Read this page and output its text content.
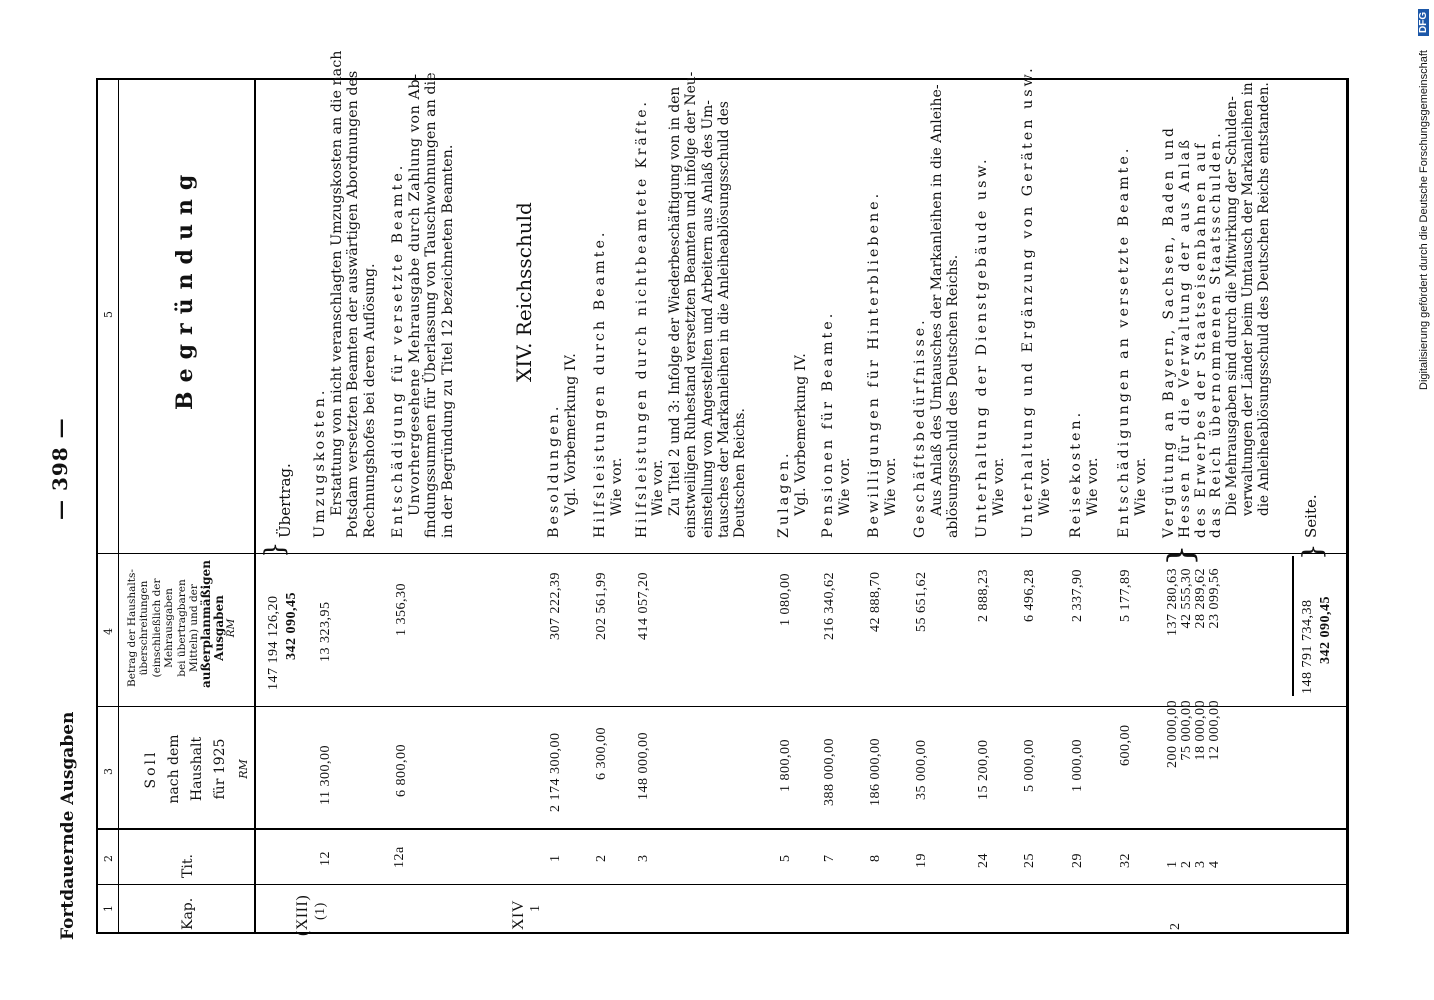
Fortdauernde Ausgaben
— 398 —
Digitalisierung gefördert durch die Deutsche Forschungsgemeinschaft
DFG
1
2
3
4
5
Kap.
Tit.
Soll nach dem Haushalt für 1925 RM
Betrag der Haushalts- überschreitungen (einschließlich der Mehrausgaben bei übertragbaren Mitteln) und der außerplanmäßigen
Ausgaben RM
Begründung
Übertrag.
147 194 126,20 342 090,45
}
(XIII) (1)
12
11 300,00
13 323,95
Umzugskosten. Erstattung von nicht veranschlagten Umzugskosten an die nach Potsdam versetzten Beamten der auswärtigen Abordnungen des Rechnungshofes bei deren Auflösung.
12a
6 800,00
1 356,30
Entschädigung für versetzte Beamte. Unvorhergesehene Mehrausgabe durch Zahlung von Ab- findungssummen für Überlassung von Tauschwohnungen an die in der Begründung zu Titel 12 bezeichneten Beamten.
XIV 1
XIV. Reichsschuld
1
2 174 300,00
307 222,39
Besoldungen. Vgl. Vorbemerkung IV.
2
6 300,00
202 561,99
Hilfsleistungen durch Beamte. Wie vor.
3
148 000,00
414 057,20
Hilfsleistungen durch nichtbeamtete Kräfte. Wie vor. Zu Titel 2 und 3: Infolge der Wiederbeschäftigung von in den einstweiligen Ruhestand versetzten Beamten und infolge der Neu- einstellung von Angestellten und Arbeitern aus Anlaß des Um- tausches der Markanleihen in die Anleiheablösungsschuld des Deutschen Reichs.
5
1 800,00
1 080,00
Zulagen. Vgl. Vorbemerkung IV.
7
388 000,00
216 340,62
Pensionen für Beamte. Wie vor.
8
186 000,00
42 888,70
Bewilligungen für Hinterbliebene. Wie vor.
19
35 000,00
55 651,62
Geschäftsbedürfnisse. Aus Anlaß des Umtausches der Markanleihen in die Anleihe- ablösungsschuld des Deutschen Reichs.
24
15 200,00
2 888,23
Unterhaltung der Dienstgebäude usw. Wie vor.
25
5 000,00
6 496,28
Unterhaltung und Ergänzung von Geräten usw. Wie vor.
29
1 000,00
2 337,90
Reisekosten. Wie vor.
32
600,00
5 177,89
Entschädigungen an versetzte Beamte. Wie vor.
2
1 2 3 4
200 000,00 75 000,00 18 000,00 12 000,00
137 280,63 42 555,30 28 289,62 23 099,56
}
Vergütung an Bayern, Sachsen, Baden und Hessen für die Verwaltung der aus Anlaß des Erwerbes der Staatseisenbahnen auf das Reich übernommenen Staatsschulden. Die Mehrausgaben sind durch die Mitwirkung der Schulden- verwaltungen der Länder beim Umtausch der Markanleihen in die Anleiheablösungsschuld des Deutschen Reichs entstanden.
}
148 791 734,38 342 090,45
Seite.
